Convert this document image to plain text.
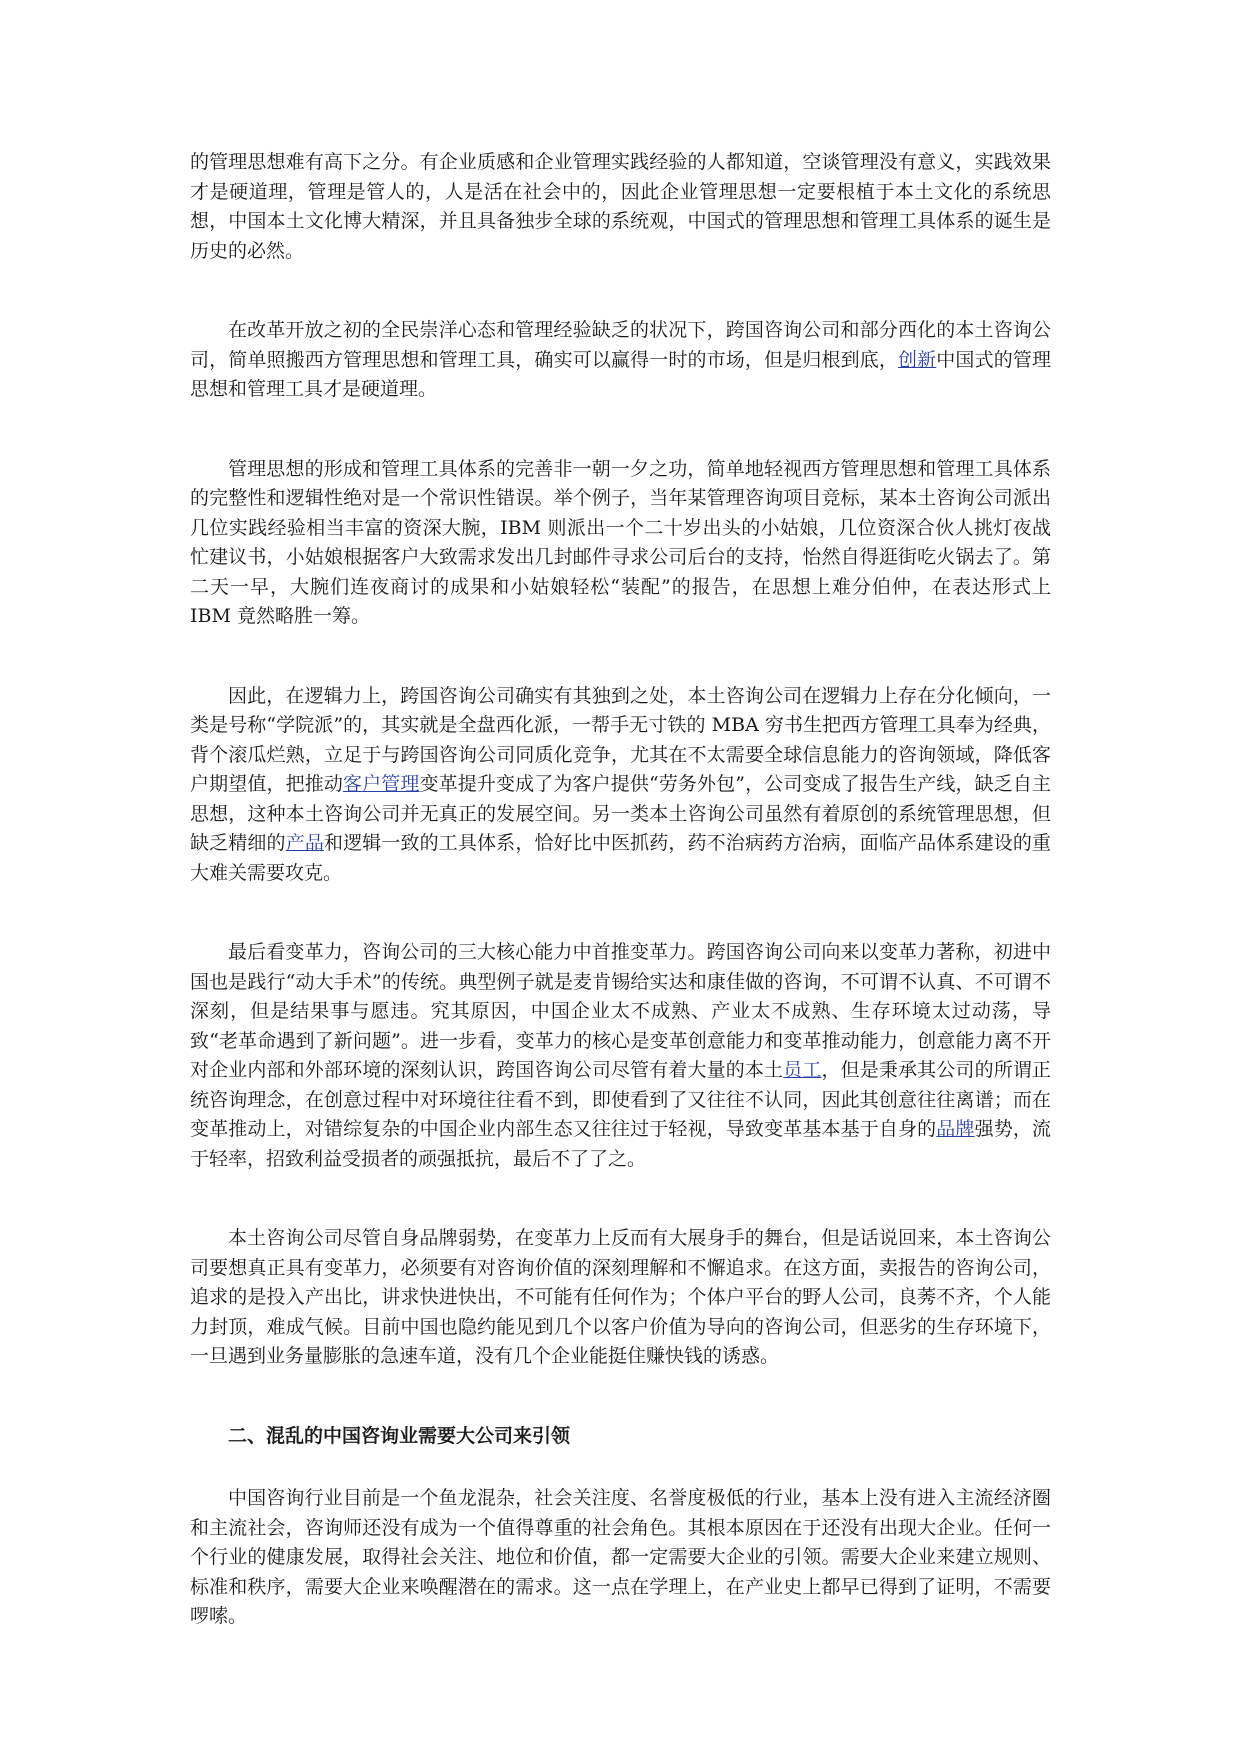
的管理思想难有高下之分。有企业质感和企业管理实践经验的人都知道，空谈管理没有意义，实践效果才是硬道理，管理是管人的，人是活在社会中的，因此企业管理思想一定要根植于本土文化的系统思想，中国本土文化博大精深，并且具备独步全球的系统观，中国式的管理思想和管理工具体系的诞生是历史的必然。

在改革开放之初的全民崇洋心态和管理经验缺乏的状况下，跨国咨询公司和部分西化的本土咨询公司，简单照搬西方管理思想和管理工具，确实可以赢得一时的市场，但是归根到底，创新中国式的管理思想和管理工具才是硬道理。

管理思想的形成和管理工具体系的完善非一朝一夕之功，简单地轻视西方管理思想和管理工具体系的完整性和逻辑性绝对是一个常识性错误。举个例子，当年某管理咨询项目竞标，某本土咨询公司派出几位实践经验相当丰富的资深大腕，IBM 则派出一个二十岁出头的小姑娘，几位资深合伙人挑灯夜战忙建议书，小姑娘根据客户大致需求发出几封邮件寻求公司后台的支持，怡然自得逛街吃火锅去了。第二天一早，大腕们连夜商讨的成果和小姑娘轻松“装配”的报告，在思想上难分伯仲，在表达形式上 IBM 竟然略胜一筹。

因此，在逻辑力上，跨国咨询公司确实有其独到之处，本土咨询公司在逻辑力上存在分化倾向，一类是号称“学院派”的，其实就是全盘西化派，一帮手无寸铁的 MBA 穷书生把西方管理工具奉为经典，背个滚瓜烂熟，立足于与跨国咨询公司同质化竞争，尤其在不太需要全球信息能力的咨询领域，降低客户期望值，把推动客户管理变革提升变成了为客户提供“劳务外包”，公司变成了报告生产线，缺乏自主思想，这种本土咨询公司并无真正的发展空间。另一类本土咨询公司虽然有着原创的系统管理思想，但缺乏精细的产品和逻辑一致的工具体系，恰好比中医抓药，药不治病药方治病，面临产品体系建设的重大难关需要攻克。

最后看变革力，咨询公司的三大核心能力中首推变革力。跨国咨询公司向来以变革力著称，初进中国也是践行“动大手术”的传统。典型例子就是麦肯锡给实达和康佳做的咨询，不可谓不认真、不可谓不深刻，但是结果事与愿违。究其原因，中国企业太不成熟、产业太不成熟、生存环境太过动荡，导致“老革命遇到了新问题”。进一步看，变革力的核心是变革创意能力和变革推动能力，创意能力离不开对企业内部和外部环境的深刻认识，跨国咨询公司尽管有着大量的本土员工，但是秉承其公司的所谓正统咨询理念，在创意过程中对环境往往看不到，即使看到了又往往不认同，因此其创意往往离谱；而在变革推动上，对错综复杂的中国企业内部生态又往往过于轻视，导致变革基本基于自身的品牌强势，流于轻率，招致利益受损者的顽强抵抗，最后不了了之。

本土咨询公司尽管自身品牌弱势，在变革力上反而有大展身手的舞台，但是话说回来，本土咨询公司要想真正具有变革力，必须要有对咨询价值的深刻理解和不懈追求。在这方面，卖报告的咨询公司，追求的是投入产出比，讲求快进快出，不可能有任何作为；个体户平台的野人公司，良莠不齐，个人能力封顶，难成气候。目前中国也隐约能见到几个以客户价值为导向的咨询公司，但恶劣的生存环境下，一旦遇到业务量膨胀的急速车道，没有几个企业能挺住赚快钱的诱惑。

二、混乱的中国咨询业需要大公司来引领

中国咨询行业目前是一个鱼龙混杂，社会关注度、名誉度极低的行业，基本上没有进入主流经济圈和主流社会，咨询师还没有成为一个值得尊重的社会角色。其根本原因在于还没有出现大企业。任何一个行业的健康发展，取得社会关注、地位和价值，都一定需要大企业的引领。需要大企业来建立规则、标准和秩序，需要大企业来唤醒潜在的需求。这一点在学理上，在产业史上都早已得到了证明，不需要啰嗦。
